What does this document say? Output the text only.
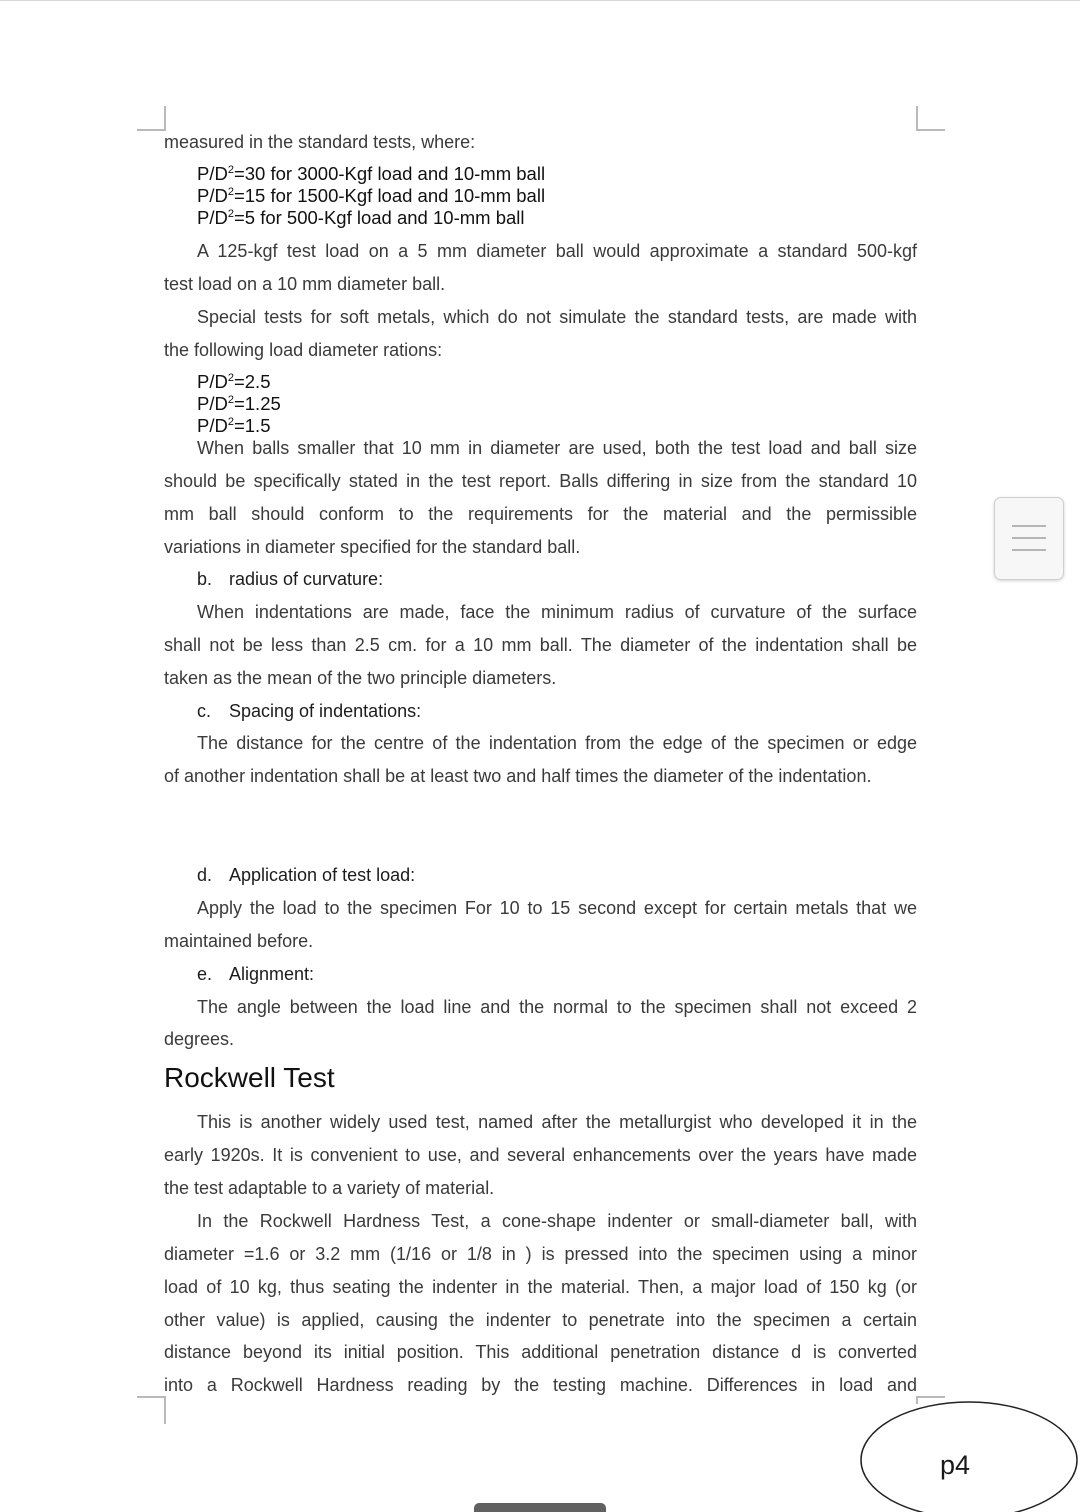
measured in the standard tests, where:

$P/D^2=30$ for 3000-Kgf load and 10-mm ball
$P/D^2=15$ for 1500-Kgf load and 10-mm ball
$P/D^2=5$ for 500-Kgf load and 10-mm ball
A 125-kgf test load on a 5 mm diameter ball would approximate a standard 500-kgf
test load on a 10 mm diameter ball.
Special tests for soft metals, which do not simulate the standard tests, are made with
the following load diameter rations:
$P/D^2=2.5$
$P/D^2=1.25$
$P/D^2=1.5$
When balls smaller that 10 mm in diameter are used, both the test load and ball size
should be specifically stated in the test report. Balls differing in size from the standard 10
mm ball should conform to the requirements for the material and the permissible
variations in diameter specified for the standard ball.
b. radius of curvature:
When indentations are made, face the minimum radius of curvature of the surface
shall not be less than 2.5 cm. for a 10 mm ball. The diameter of the indentation shall be
taken as the mean of the two principle diameters.
c. Spacing of indentations:
The distance for the centre of the indentation from the edge of the specimen or edge
of another indentation shall be at least two and half times the diameter of the indentation.
d. Application of test load:
Apply the load to the specimen For 10 to 15 second except for certain metals that we
maintained before.
e. Alignment:
The angle between the load line and the normal to the specimen shall not exceed 2
degrees.
Rockwell Test
This is another widely used test, named after the metallurgist who developed it in the
early 1920s. It is convenient to use, and several enhancements over the years have made
the test adaptable to a variety of material.
In the Rockwell Hardness Test, a cone-shape indenter or small-diameter ball, with
diameter =1.6 or 3.2 mm (1/16 or 1/8 in ) is pressed into the specimen using a minor
load of 10 kg, thus seating the indenter in the material. Then, a major load of 150 kg (or
other value) is applied, causing the indenter to penetrate into the specimen a certain
distance beyond its initial position. This additional penetration distance d is converted
into a Rockwell Hardness reading by the testing machine. Differences in load and
p4
